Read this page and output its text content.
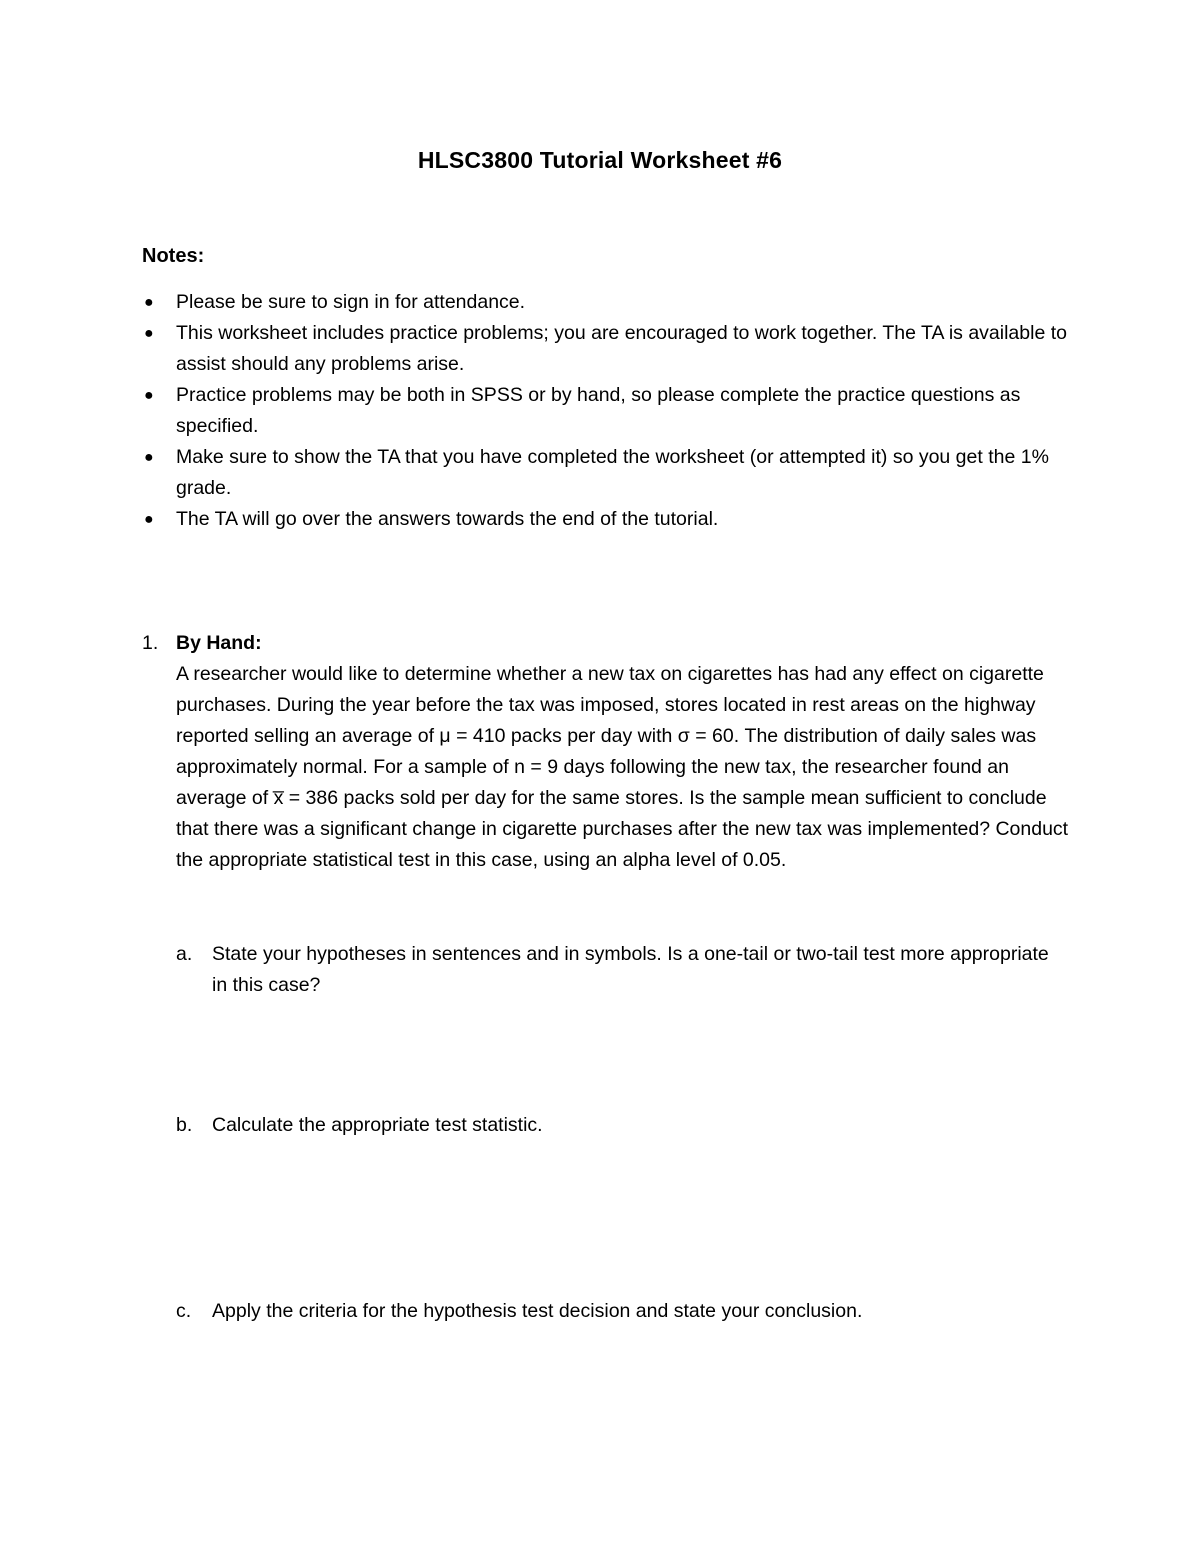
HLSC3800 Tutorial Worksheet #6
Notes:
● Please be sure to sign in for attendance.
● This worksheet includes practice problems; you are encouraged to work together. The TA is available to assist should any problems arise.
● Practice problems may be both in SPSS or by hand, so please complete the practice questions as specified.
● Make sure to show the TA that you have completed the worksheet (or attempted it) so you get the 1% grade.
● The TA will go over the answers towards the end of the tutorial.
1. By Hand:
A researcher would like to determine whether a new tax on cigarettes has had any effect on cigarette purchases. During the year before the tax was imposed, stores located in rest areas on the highway reported selling an average of μ = 410 packs per day with σ = 60. The distribution of daily sales was approximately normal. For a sample of n = 9 days following the new tax, the researcher found an average of x̅ = 386 packs sold per day for the same stores. Is the sample mean sufficient to conclude that there was a significant change in cigarette purchases after the new tax was implemented? Conduct the appropriate statistical test in this case, using an alpha level of 0.05.
a. State your hypotheses in sentences and in symbols. Is a one-tail or two-tail test more appropriate in this case?
b. Calculate the appropriate test statistic.
c. Apply the criteria for the hypothesis test decision and state your conclusion.
